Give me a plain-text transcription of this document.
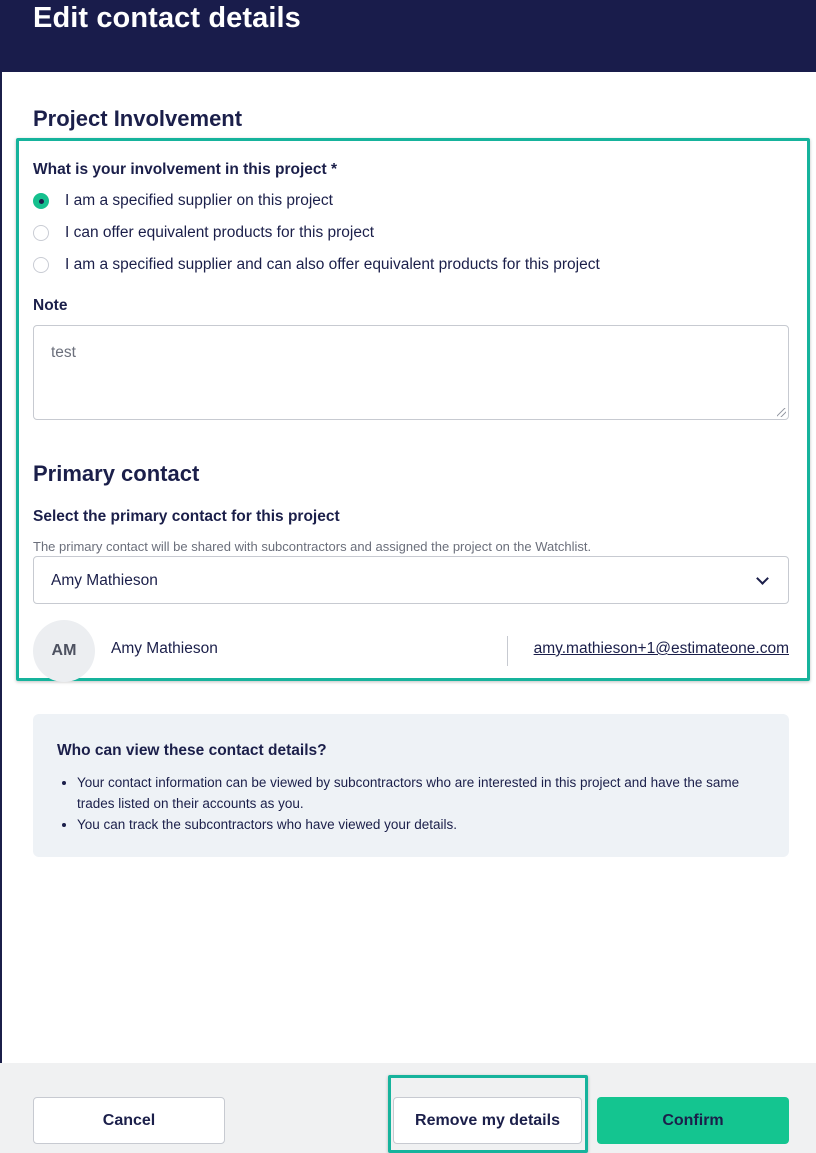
Edit contact details
Project Involvement
What is your involvement in this project *
I am a specified supplier on this project
I can offer equivalent products for this project
I am a specified supplier and can also offer equivalent products for this project
Note
test
Primary contact
Select the primary contact for this project
The primary contact will be shared with subcontractors and assigned the project on the Watchlist.
Amy Mathieson
AM Amy Mathieson	amy.mathieson+1@estimateone.com
Who can view these contact details?
• Your contact information can be viewed by subcontractors who are interested in this project and have the same trades listed on their accounts as you.
• You can track the subcontractors who have viewed your details.
Cancel	Remove my details	Confirm
